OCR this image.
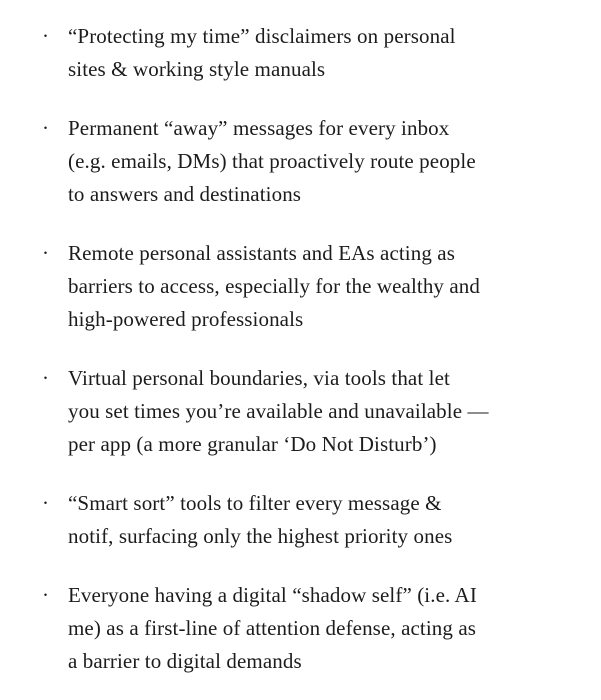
· “Protecting my time” disclaimers on personal
sites & working style manuals
· Permanent “away” messages for every inbox
(e.g. emails, DMs) that proactively route people
to answers and destinations
· Remote personal assistants and EAs acting as
barriers to access, especially for the wealthy and
high-powered professionals
· Virtual personal boundaries, via tools that let
you set times you’re available and unavailable —
per app (a more granular ‘Do Not Disturb’)
· “Smart sort” tools to filter every message &
notif, surfacing only the highest priority ones
· Everyone having a digital “shadow self” (i.e. AI
me) as a first-line of attention defense, acting as
a barrier to digital demands
